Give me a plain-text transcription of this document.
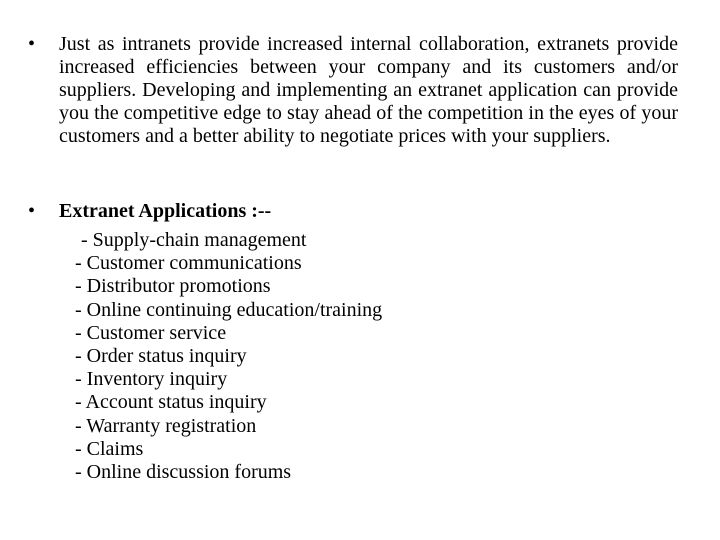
• Just as intranets provide increased internal collaboration, extranets provide increased efficiencies between your company and its customers and/or suppliers. Developing and implementing an extranet application can provide you the competitive edge to stay ahead of the competition in the eyes of your customers and a better ability to negotiate prices with your suppliers.
• Extranet Applications :--
- Supply-chain management
- Customer communications
- Distributor promotions
- Online continuing education/training
- Customer service
- Order status inquiry
- Inventory inquiry
- Account status inquiry
- Warranty registration
- Claims
- Online discussion forums
